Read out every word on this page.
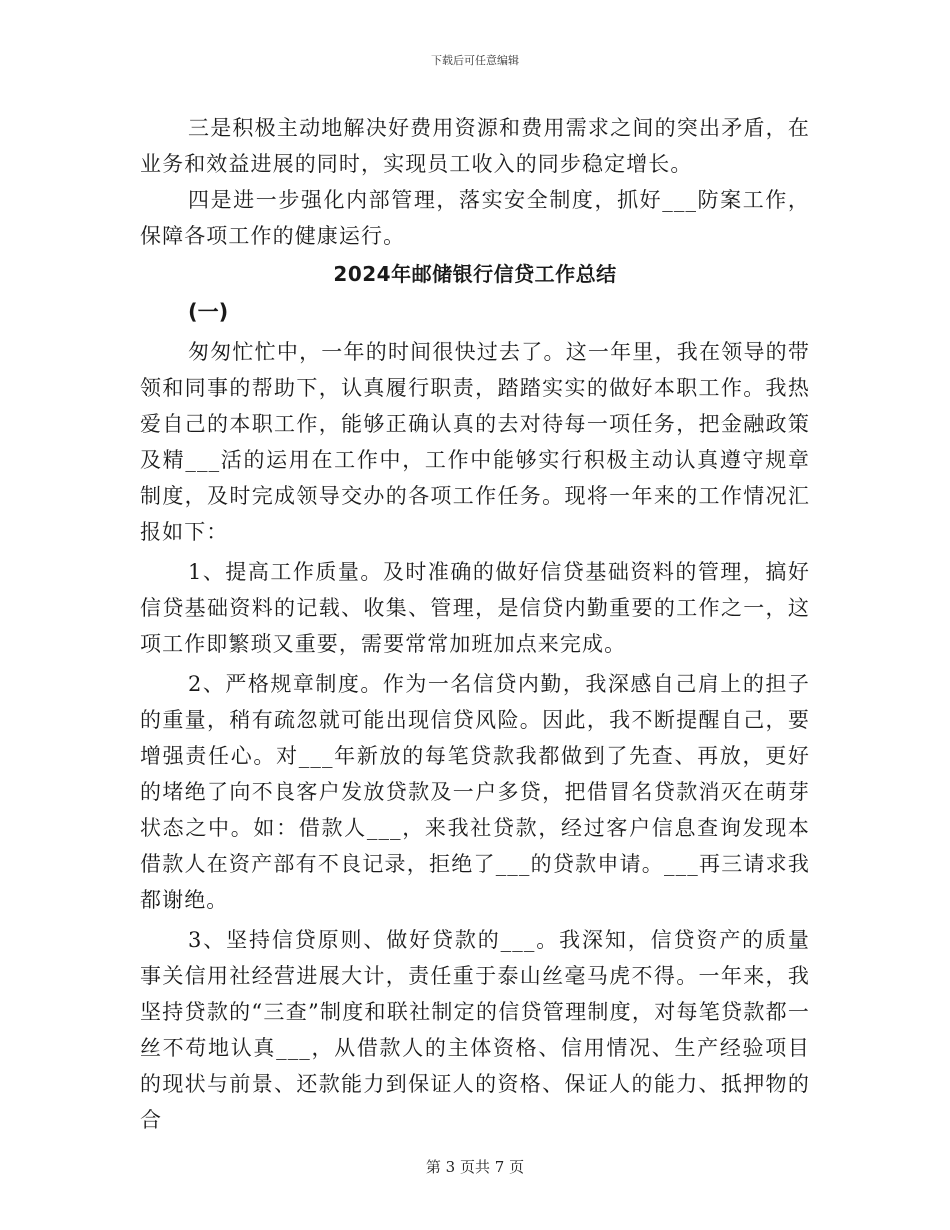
下载后可任意编辑

三是积极主动地解决好费用资源和费用需求之间的突出矛盾，在业务和效益进展的同时，实现员工收入的同步稳定增长。

四是进一步强化内部管理，落实安全制度，抓好___防案工作，保障各项工作的健康运行。

2024年邮储银行信贷工作总结
(一)

匆匆忙忙中，一年的时间很快过去了。这一年里，我在领导的带领和同事的帮助下，认真履行职责，踏踏实实的做好本职工作。我热爱自己的本职工作，能够正确认真的去对待每一项任务，把金融政策及精___活的运用在工作中，工作中能够实行积极主动认真遵守规章制度，及时完成领导交办的各项工作任务。现将一年来的工作情况汇报如下：

1、提高工作质量。及时准确的做好信贷基础资料的管理，搞好信贷基础资料的记载、收集、管理，是信贷内勤重要的工作之一，这项工作即繁琐又重要，需要常常加班加点来完成。

2、严格规章制度。作为一名信贷内勤，我深感自己肩上的担子的重量，稍有疏忽就可能出现信贷风险。因此，我不断提醒自己，要增强责任心。对___年新放的每笔贷款我都做到了先查、再放，更好的堵绝了向不良客户发放贷款及一户多贷，把借冒名贷款消灭在萌芽状态之中。如：借款人___，来我社贷款，经过客户信息查询发现本借款人在资产部有不良记录，拒绝了___的贷款申请。___再三请求我都谢绝。

3、坚持信贷原则、做好贷款的___。我深知，信贷资产的质量事关信用社经营进展大计，责任重于泰山丝毫马虎不得。一年来，我坚持贷款的“三查”制度和联社制定的信贷管理制度，对每笔贷款都一丝不苟地认真___，从借款人的主体资格、信用情况、生产经验项目的现状与前景、还款能力到保证人的资格、保证人的能力、抵押物的合

第 3 页共 7 页
